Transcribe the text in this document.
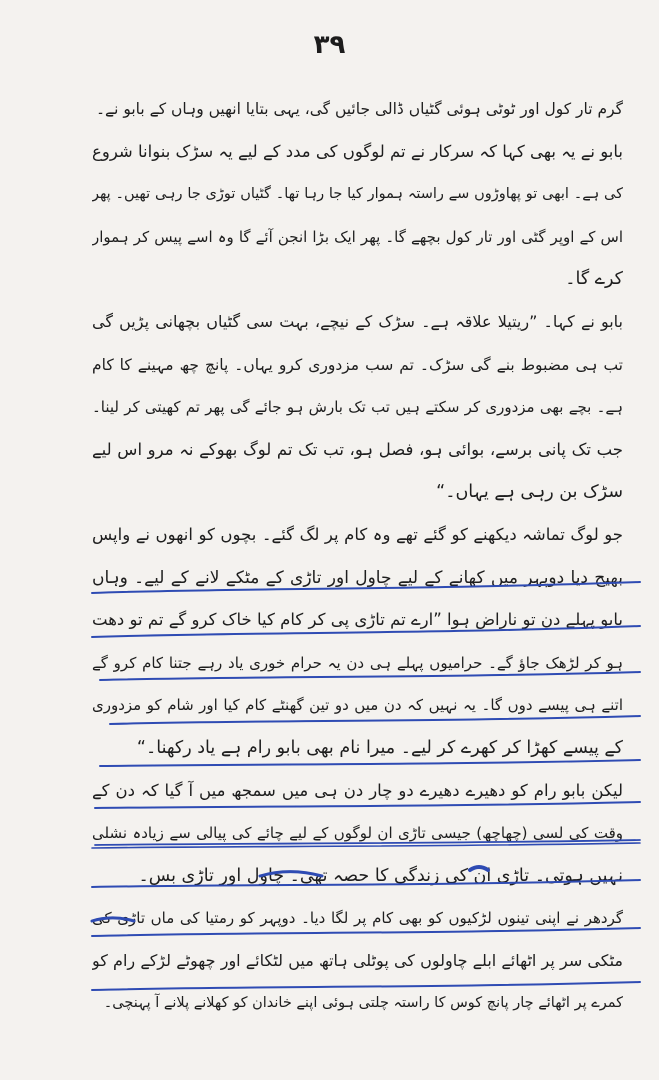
۳۹
گرم تار کول اور ٹوٹی ہوئی گٹیاں ڈالی جائیں گی، یہی بتایا انھیں وہاں کے بابو نے۔
بابو نے یہ بھی کہا کہ سرکار نے تم لوگوں کی مدد کے لیے یہ سڑک بنوانا شروع
کی ہے۔ ابھی تو پھاوڑوں سے راستہ ہموار کیا جا رہا تھا۔ گٹیاں توڑی جا رہی تھیں۔ پھر
اس کے اوپر گٹی اور تار کول بچھے گا۔ پھر ایک بڑا انجن آئے گا وہ اسے پیس کر ہموار
کرے گا۔
بابو نے کہا۔ ”ریتیلا علاقہ ہے۔ سڑک کے نیچے، بہت سی گٹیاں بچھانی پڑیں گی
تب ہی مضبوط بنے گی سڑک۔ تم سب مزدوری کرو یہاں۔ پانچ چھ مہینے کا کام
ہے۔ بچے بھی مزدوری کر سکتے ہیں تب تک بارش ہو جائے گی پھر تم کھیتی کر لینا۔
جب تک پانی برسے، بوائی ہو، فصل ہو، تب تک تم لوگ بھوکے نہ مرو اس لیے
سڑک بن رہی ہے یہاں۔“
جو لوگ تماشہ دیکھنے کو گئے تھے وہ کام پر لگ گئے۔ بچوں کو انھوں نے واپس
بھیج دیا دوپہر میں کھانے کے لیے چاول اور تاڑی کے مٹکے لانے کے لیے۔ وہاں
بابو پہلے دن تو ناراض ہوا ”ارے تم تاڑی پی کر کام کیا خاک کرو گے تم تو دھت
ہو کر لڑھک جاؤ گے۔ حرامیوں پہلے ہی دن یہ حرام خوری یاد رہے جتنا کام کرو گے
اتنے ہی پیسے دوں گا۔ یہ نہیں کہ دن میں دو تین گھنٹے کام کیا اور شام کو مزدوری
کے پیسے کھڑا کر کھرے کر لیے۔ میرا نام بھی بابو رام ہے یاد رکھنا۔“
لیکن بابو رام کو دھیرے دھیرے دو چار دن ہی میں سمجھ میں آ گیا کہ دن کے
وقت کی لسی (چھاچھ) جیسی تاڑی ان لوگوں کے لیے چائے کی پیالی سے زیادہ نشلی
نہیں ہوتی۔ تاڑی ان کی زندگی کا حصہ تھی۔ چاول اور تاڑی بس۔
گردھر نے اپنی تینوں لڑکیوں کو بھی کام پر لگا دیا۔ دوپہر کو رمتیا کی ماں تاڑی کی
مٹکی سر پر اٹھائے ابلے چاولوں کی پوٹلی ہاتھ میں لٹکائے اور چھوٹے لڑکے رام کو
کمرے پر اٹھائے چار پانچ کوس کا راستہ چلتی ہوئی اپنے خاندان کو کھلانے پلانے آ پہنچی۔
